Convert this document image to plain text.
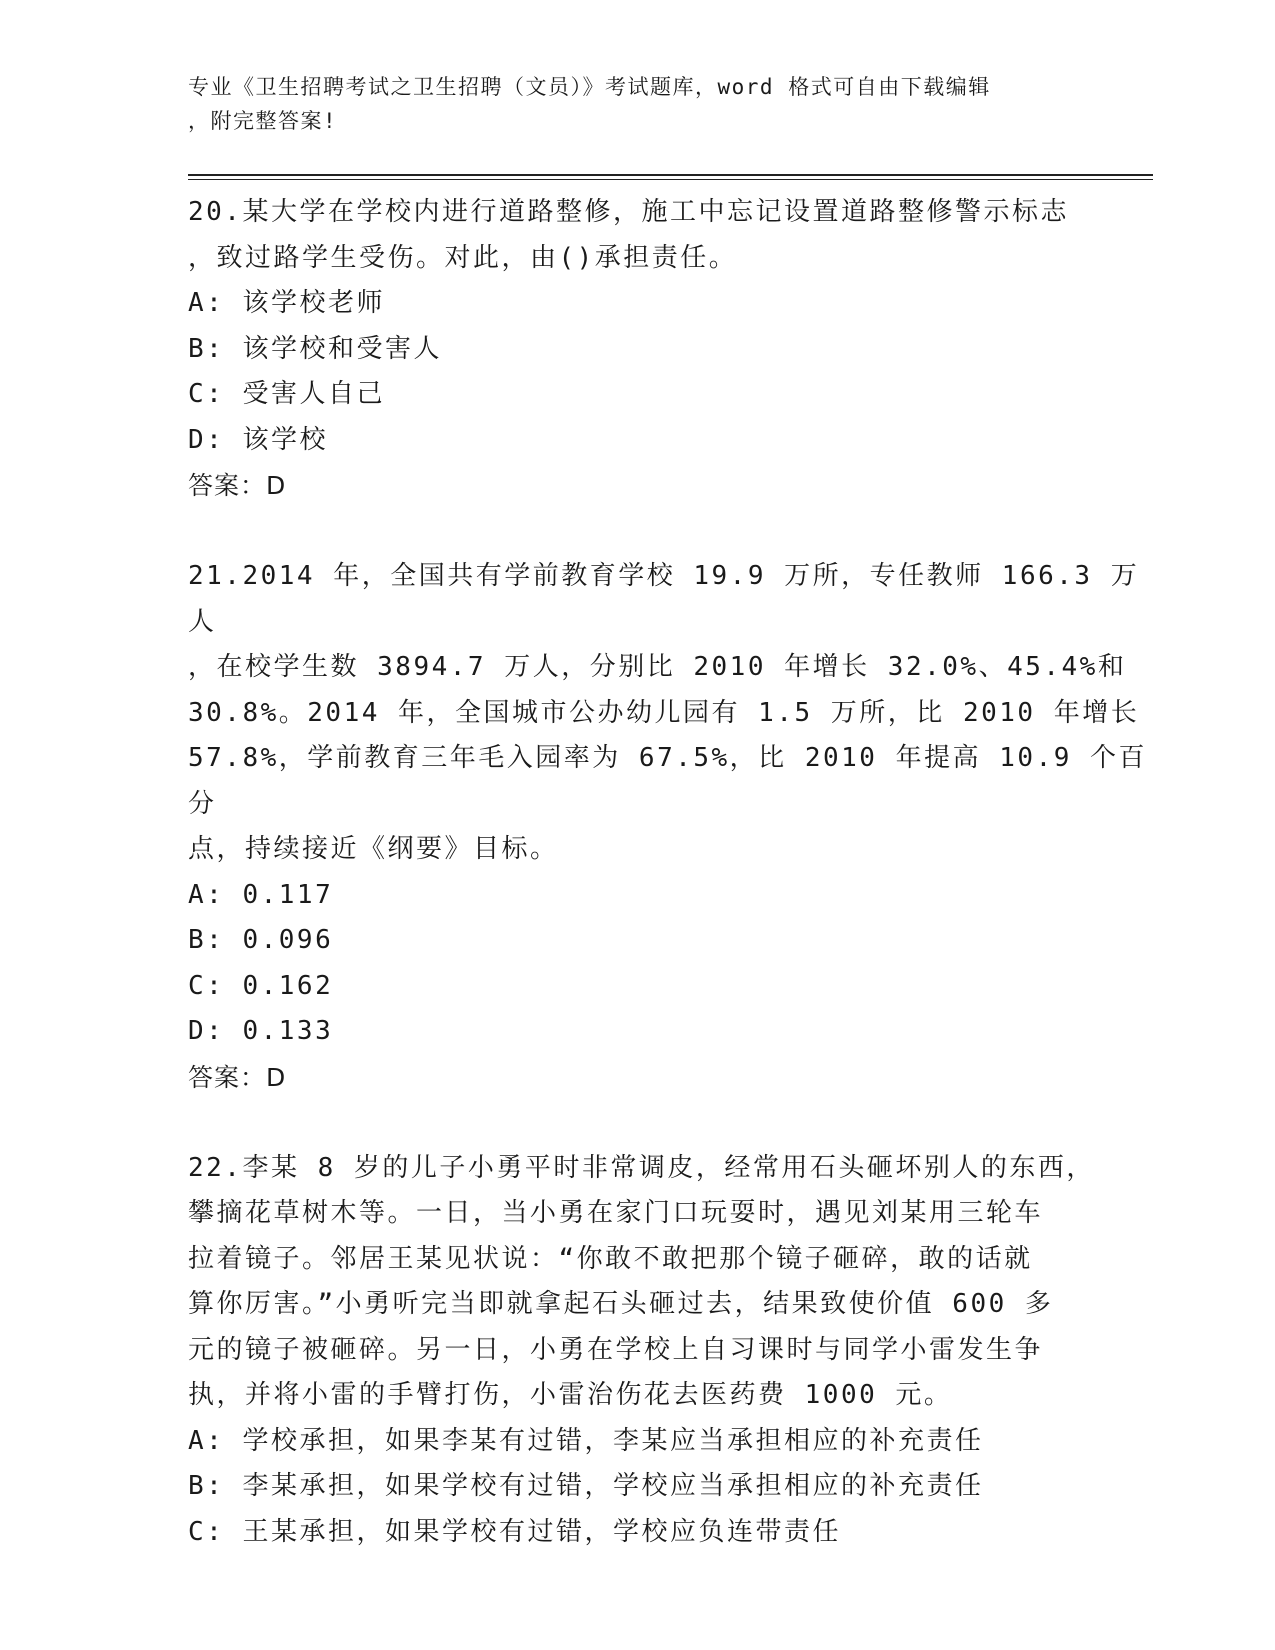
专业《卫生招聘考试之卫生招聘（文员）》考试题库，word 格式可自由下载编辑
，附完整答案!
20.某大学在学校内进行道路整修，施工中忘记设置道路整修警示标志
，致过路学生受伤。对此，由()承担责任。
A: 该学校老师
B: 该学校和受害人
C: 受害人自己
D: 该学校
答案：D
21.2014 年，全国共有学前教育学校 19.9 万所，专任教师 166.3 万人
，在校学生数 3894.7 万人，分别比 2010 年增长 32.0%、45.4%和
30.8%。2014 年，全国城市公办幼儿园有 1.5 万所，比 2010 年增长
57.8%，学前教育三年毛入园率为 67.5%，比 2010 年提高 10.9 个百分
点，持续接近《纲要》目标。
A: 0.117
B: 0.096
C: 0.162
D: 0.133
答案：D
22.李某 8 岁的儿子小勇平时非常调皮，经常用石头砸坏别人的东西，
攀摘花草树木等。一日，当小勇在家门口玩耍时，遇见刘某用三轮车
拉着镜子。邻居王某见状说：“你敢不敢把那个镜子砸碎，敢的话就
算你厉害。”小勇听完当即就拿起石头砸过去，结果致使价值 600 多
元的镜子被砸碎。另一日，小勇在学校上自习课时与同学小雷发生争
执，并将小雷的手臂打伤，小雷治伤花去医药费 1000 元。
A: 学校承担，如果李某有过错，李某应当承担相应的补充责任
B: 李某承担，如果学校有过错，学校应当承担相应的补充责任
C: 王某承担，如果学校有过错，学校应负连带责任
